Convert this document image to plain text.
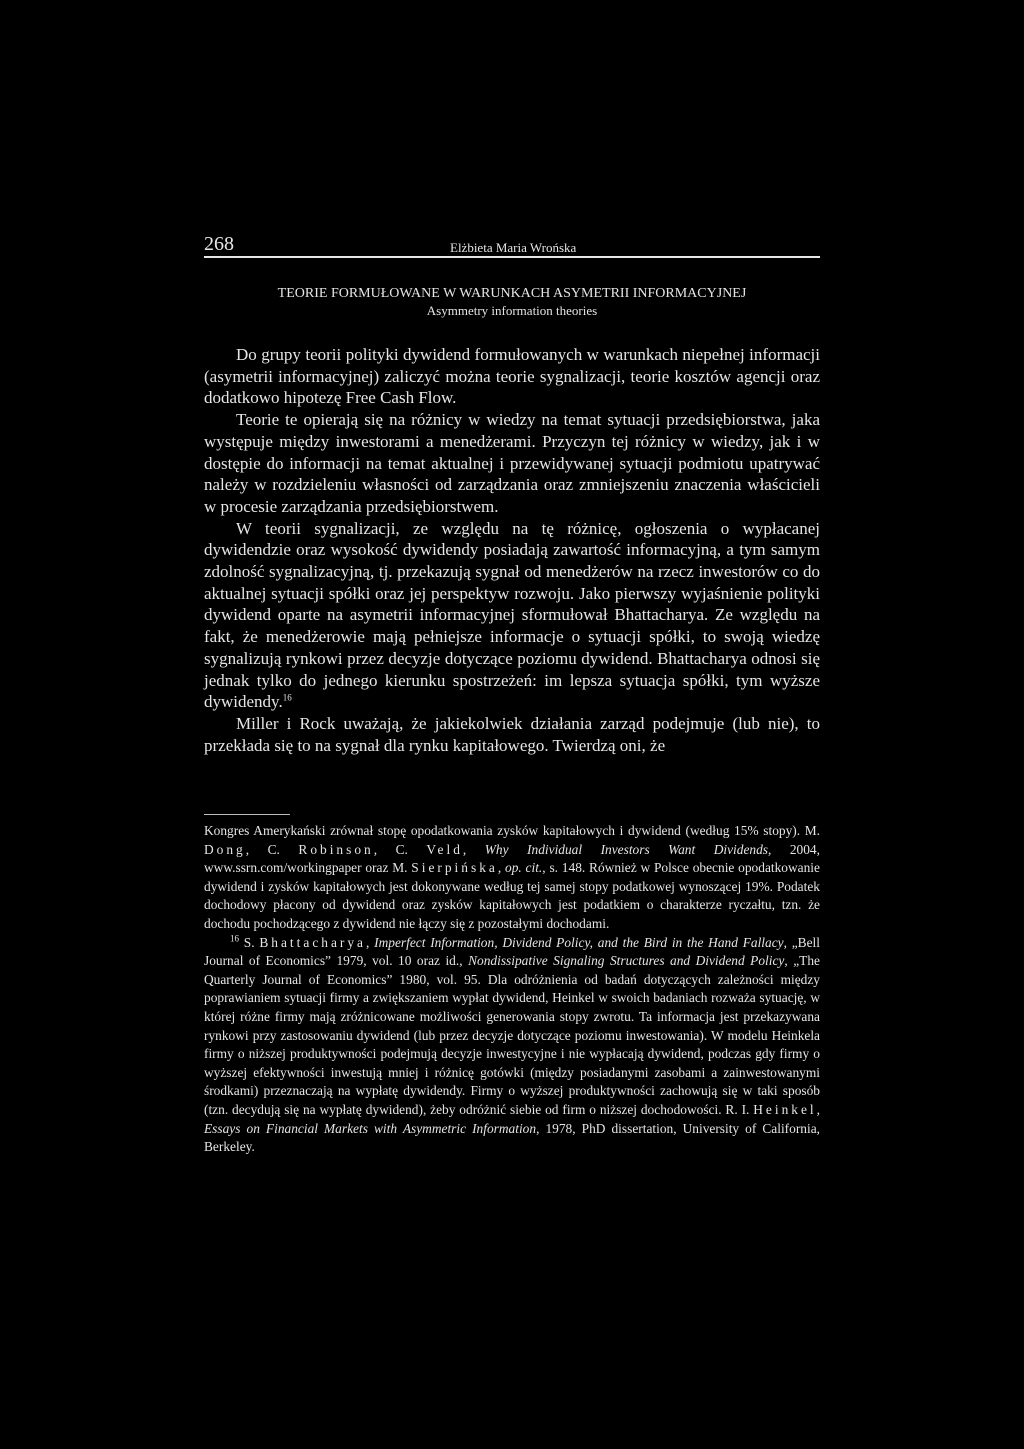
268	Elżbieta Maria Wrońska
TEORIE FORMUŁOWANE W WARUNKACH ASYMETRII INFORMACYJNEJ
Asymmetry information theories

Do grupy teorii polityki dywidend formułowanych w warunkach niepełnej informacji (asymetrii informacyjnej) zaliczyć można teorie sygnalizacji, teorie kosztów agencji oraz dodatkowo hipotezę Free Cash Flow.

Teorie te opierają się na różnicy w wiedzy na temat sytuacji przedsiębiorstwa, jaka występuje między inwestorami a menedżerami. Przyczyn tej różnicy w wiedzy, jak i w dostępie do informacji na temat aktualnej i przewidywanej sytuacji podmiotu upatrywać należy w rozdzieleniu własności od zarządzania oraz zmniejszeniu znaczenia właścicieli w procesie zarządzania przedsiębiorstwem.

W teorii sygnalizacji, ze względu na tę różnicę, ogłoszenia o wypłacanej dywidendzie oraz wysokość dywidendy posiadają zawartość informacyjną, a tym samym zdolność sygnalizacyjną, tj. przekazują sygnał od menedżerów na rzecz inwestorów co do aktualnej sytuacji spółki oraz jej perspektyw rozwoju. Jako pierwszy wyjaśnienie polityki dywidend oparte na asymetrii informacyjnej sformułował Bhattacharya. Ze względu na fakt, że menedżerowie mają pełniejsze informacje o sytuacji spółki, to swoją wiedzę sygnalizują rynkowi przez decyzje dotyczące poziomu dywidend. Bhattacharya odnosi się jednak tylko do jednego kierunku spostrzeżeń: im lepsza sytuacja spółki, tym wyższe dywidendy.$^{16}$

Miller i Rock uważają, że jakiekolwiek działania zarząd podejmuje (lub nie), to przekłada się to na sygnał dla rynku kapitałowego. Twierdzą oni, że

Kongres Amerykański zrównał stopę opodatkowania zysków kapitałowych i dywidend (według 15% stopy). M. Dong, C. Robinson, C. Veld, Why Individual Investors Want Dividends, 2004, www.ssrn.com/workingpaper oraz M. Sierpińska, op. cit., s. 148. Również w Polsce obecnie opodatkowanie dywidend i zysków kapitałowych jest dokonywane według tej samej stopy podatkowej wynoszącej 19%. Podatek dochodowy płacony od dywidend oraz zysków kapitałowych jest podatkiem o charakterze ryczałtu, tzn. że dochodu pochodzącego z dywidend nie łączy się z pozostałymi dochodami.

$^{16}$ S. Bhattacharya, Imperfect Information, Dividend Policy, and the Bird in the Hand Fallacy, „Bell Journal of Economics” 1979, vol. 10 oraz id., Nondissipative Signaling Structures and Dividend Policy, „The Quarterly Journal of Economics” 1980, vol. 95. Dla odróżnienia od badań dotyczących zależności między poprawianiem sytuacji firmy a zwiększaniem wypłat dywidend, Heinkel w swoich badaniach rozważa sytuację, w której różne firmy mają zróżnicowane możliwości generowania stopy zwrotu. Ta informacja jest przekazywana rynkowi przy zastosowaniu dywidend (lub przez decyzje dotyczące poziomu inwestowania). W modelu Heinkela firmy o niższej produktywności podejmują decyzje inwestycyjne i nie wypłacają dywidend, podczas gdy firmy o wyższej efektywności inwestują mniej i różnicę gotówki (między posiadanymi zasobami a zainwestowanymi środkami) przeznaczają na wypłatę dywidendy. Firmy o wyższej produktywności zachowują się w taki sposób (tzn. decydują się na wypłatę dywidend), żeby odróżnić siebie od firm o niższej dochodowości. R. I. Heinkel, Essays on Financial Markets with Asymmetric Information, 1978, PhD dissertation, University of California, Berkeley.
